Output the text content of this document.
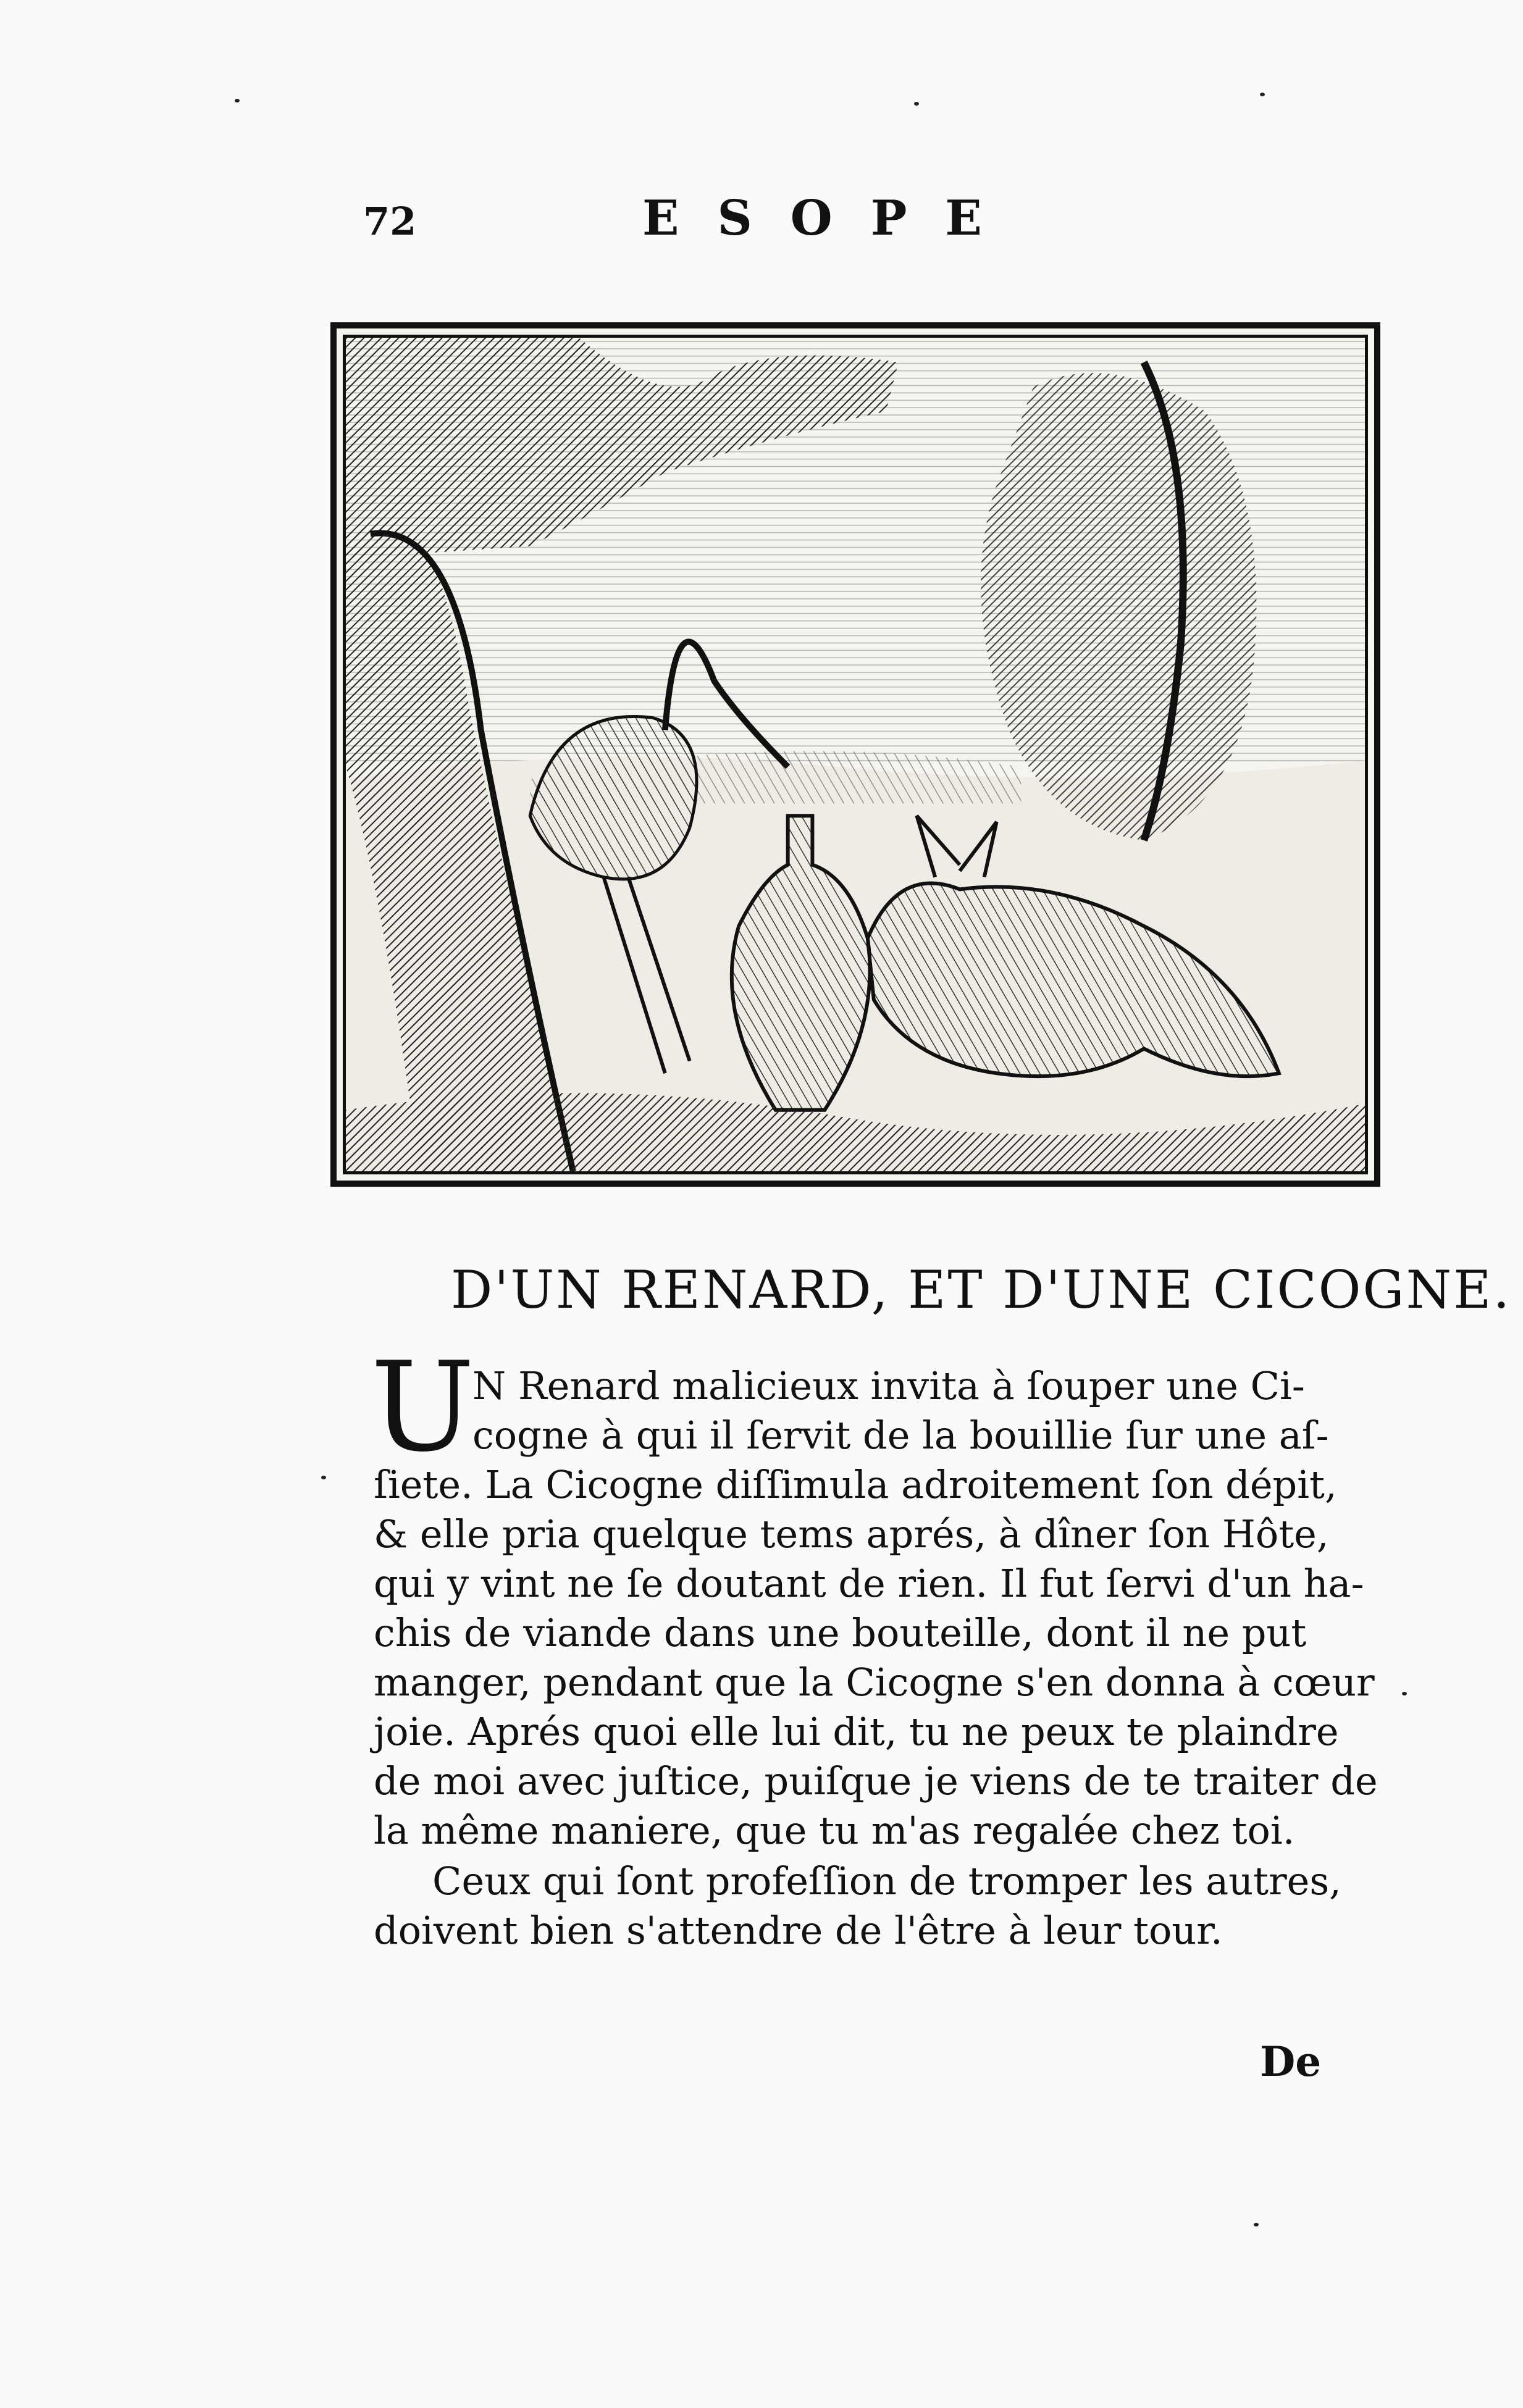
72	ESOPE
D'UN RENARD, ET D'UNE CICOGNE.
U
N Renard malicieux invita à ſouper une Ci-
cogne à qui il ſervit de la bouillie ſur une aſ-
ſiete. La Cicogne diſſimula adroitement ſon dépit,
& elle pria quelque tems aprés, à dîner ſon Hôte,
qui y vint ne ſe doutant de rien. Il fut ſervi d'un ha-
chis de viande dans une bouteille, dont il ne put
manger, pendant que la Cicogne s'en donna à cœur
joie. Aprés quoi elle lui dit, tu ne peux te plaindre
de moi avec juſtice, puiſque je viens de te traiter de
la même maniere, que tu m'as regalée chez toi.
Ceux qui ſont profeſſion de tromper les autres,
doivent bien s'attendre de l'être à leur tour.
De
